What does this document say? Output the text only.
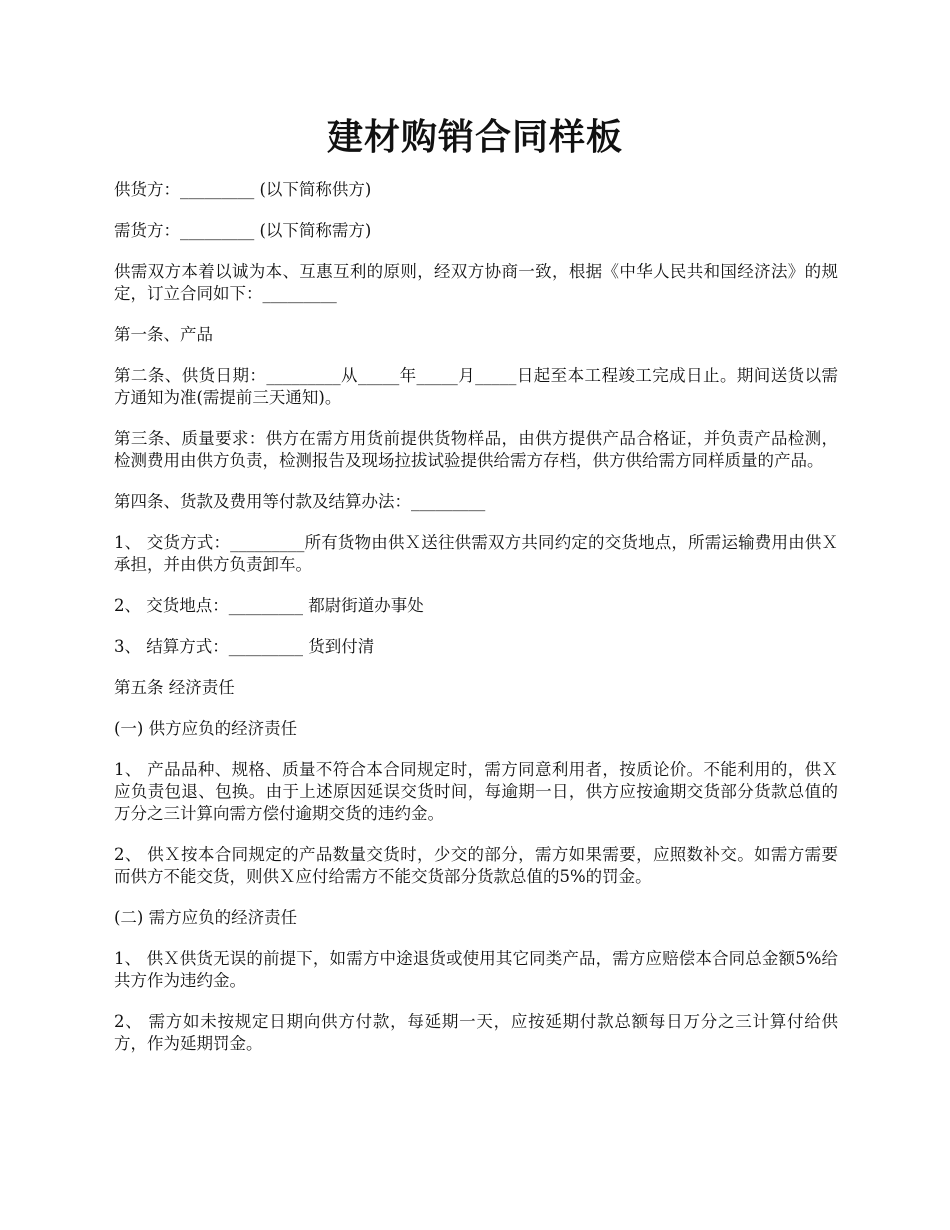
建材购销合同样板

供货方：_________ (以下简称供方)

需货方：_________ (以下简称需方)

供需双方本着以诚为本、互惠互利的原则，经双方协商一致，根据《中华人民共和国经济法》的规定，订立合同如下：_________

第一条、产品

第二条、供货日期：_________从_____年_____月_____日起至本工程竣工完成日止。期间送货以需方通知为准(需提前三天通知)。

第三条、质量要求：供方在需方用货前提供货物样品，由供方提供产品合格证，并负责产品检测，检测费用由供方负责，检测报告及现场拉拔试验提供给需方存档，供方供给需方同样质量的产品。

第四条、货款及费用等付款及结算办法：_________

1、 交货方式：_________所有货物由供Ｘ送往供需双方共同约定的交货地点，所需运输费用由供Ｘ承担，并由供方负责卸车。

2、 交货地点：_________ 都尉街道办事处

3、 结算方式：_________ 货到付清

第五条 经济责任

(一) 供方应负的经济责任

1、 产品品种、规格、质量不符合本合同规定时，需方同意利用者，按质论价。不能利用的，供Ｘ应负责包退、包换。由于上述原因延误交货时间，每逾期一日，供方应按逾期交货部分货款总值的万分之三计算向需方偿付逾期交货的违约金。

2、 供Ｘ按本合同规定的产品数量交货时，少交的部分，需方如果需要，应照数补交。如需方需要而供方不能交货，则供Ｘ应付给需方不能交货部分货款总值的5%的罚金。

(二) 需方应负的经济责任

1、 供Ｘ供货无误的前提下，如需方中途退货或使用其它同类产品，需方应赔偿本合同总金额5%给共方作为违约金。

2、 需方如未按规定日期向供方付款，每延期一天，应按延期付款总额每日万分之三计算付给供方，作为延期罚金。
